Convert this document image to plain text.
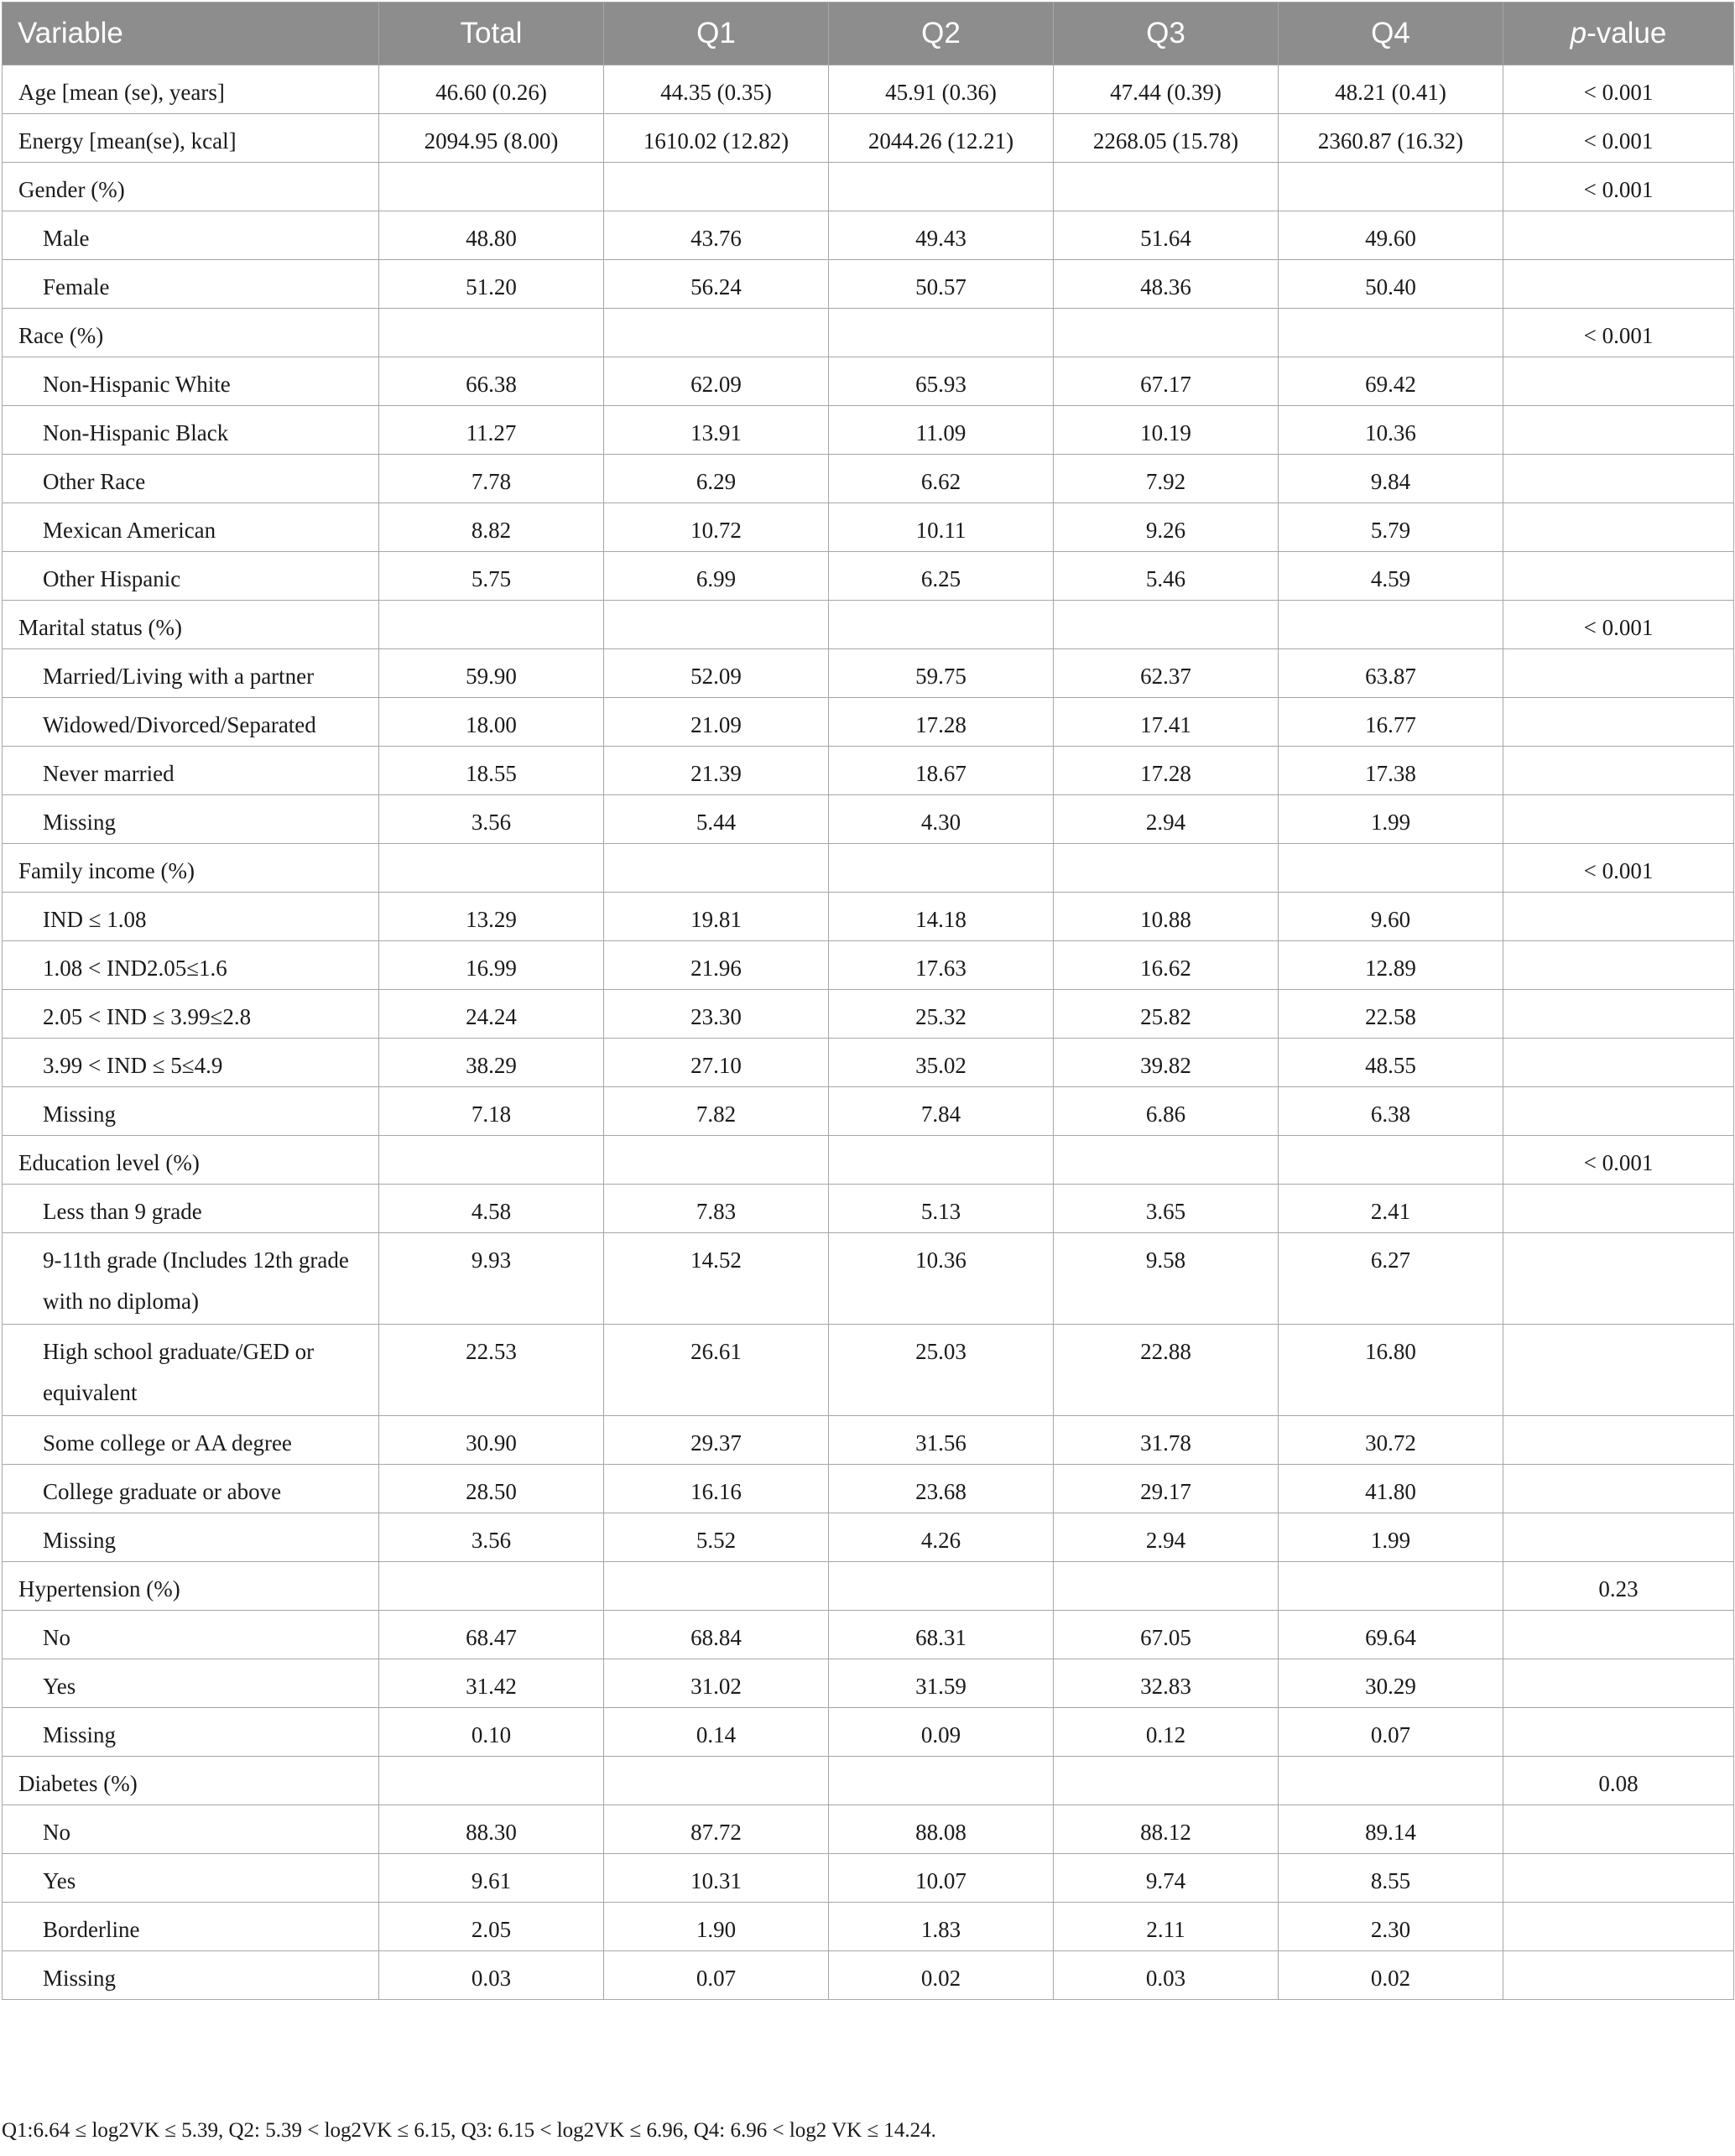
Variable	Total	Q1	Q2	Q3	Q4	p-value
Age [mean (se), years]	46.60 (0.26)	44.35 (0.35)	45.91 (0.36)	47.44 (0.39)	48.21 (0.41)	< 0.001
Energy [mean(se), kcal]	2094.95 (8.00)	1610.02 (12.82)	2044.26 (12.21)	2268.05 (15.78)	2360.87 (16.32)	< 0.001
Gender (%)						< 0.001
Male	48.80	43.76	49.43	51.64	49.60	
Female	51.20	56.24	50.57	48.36	50.40	
Race (%)						< 0.001
Non-Hispanic White	66.38	62.09	65.93	67.17	69.42	
Non-Hispanic Black	11.27	13.91	11.09	10.19	10.36	
Other Race	7.78	6.29	6.62	7.92	9.84	
Mexican American	8.82	10.72	10.11	9.26	5.79	
Other Hispanic	5.75	6.99	6.25	5.46	4.59	
Marital status (%)						< 0.001
Married/Living with a partner	59.90	52.09	59.75	62.37	63.87	
Widowed/Divorced/Separated	18.00	21.09	17.28	17.41	16.77	
Never married	18.55	21.39	18.67	17.28	17.38	
Missing	3.56	5.44	4.30	2.94	1.99	
Family income (%)						< 0.001
IND ≤ 1.08	13.29	19.81	14.18	10.88	9.60	
1.08 < IND2.05≤1.6	16.99	21.96	17.63	16.62	12.89	
2.05 < IND ≤ 3.99≤2.8	24.24	23.30	25.32	25.82	22.58	
3.99 < IND ≤ 5≤4.9	38.29	27.10	35.02	39.82	48.55	
Missing	7.18	7.82	7.84	6.86	6.38	
Education level (%)						< 0.001
Less than 9 grade	4.58	7.83	5.13	3.65	2.41	
9-11th grade (Includes 12th grade with no diploma)	9.93	14.52	10.36	9.58	6.27	
High school graduate/GED or equivalent	22.53	26.61	25.03	22.88	16.80	
Some college or AA degree	30.90	29.37	31.56	31.78	30.72	
College graduate or above	28.50	16.16	23.68	29.17	41.80	
Missing	3.56	5.52	4.26	2.94	1.99	
Hypertension (%)						0.23
No	68.47	68.84	68.31	67.05	69.64	
Yes	31.42	31.02	31.59	32.83	30.29	
Missing	0.10	0.14	0.09	0.12	0.07	
Diabetes (%)						0.08
No	88.30	87.72	88.08	88.12	89.14	
Yes	9.61	10.31	10.07	9.74	8.55	
Borderline	2.05	1.90	1.83	2.11	2.30	
Missing	0.03	0.07	0.02	0.03	0.02	
Q1:6.64 ≤ log2VK ≤ 5.39, Q2: 5.39 < log2VK ≤ 6.15, Q3: 6.15 < log2VK ≤ 6.96, Q4: 6.96 < log2 VK ≤ 14.24.
